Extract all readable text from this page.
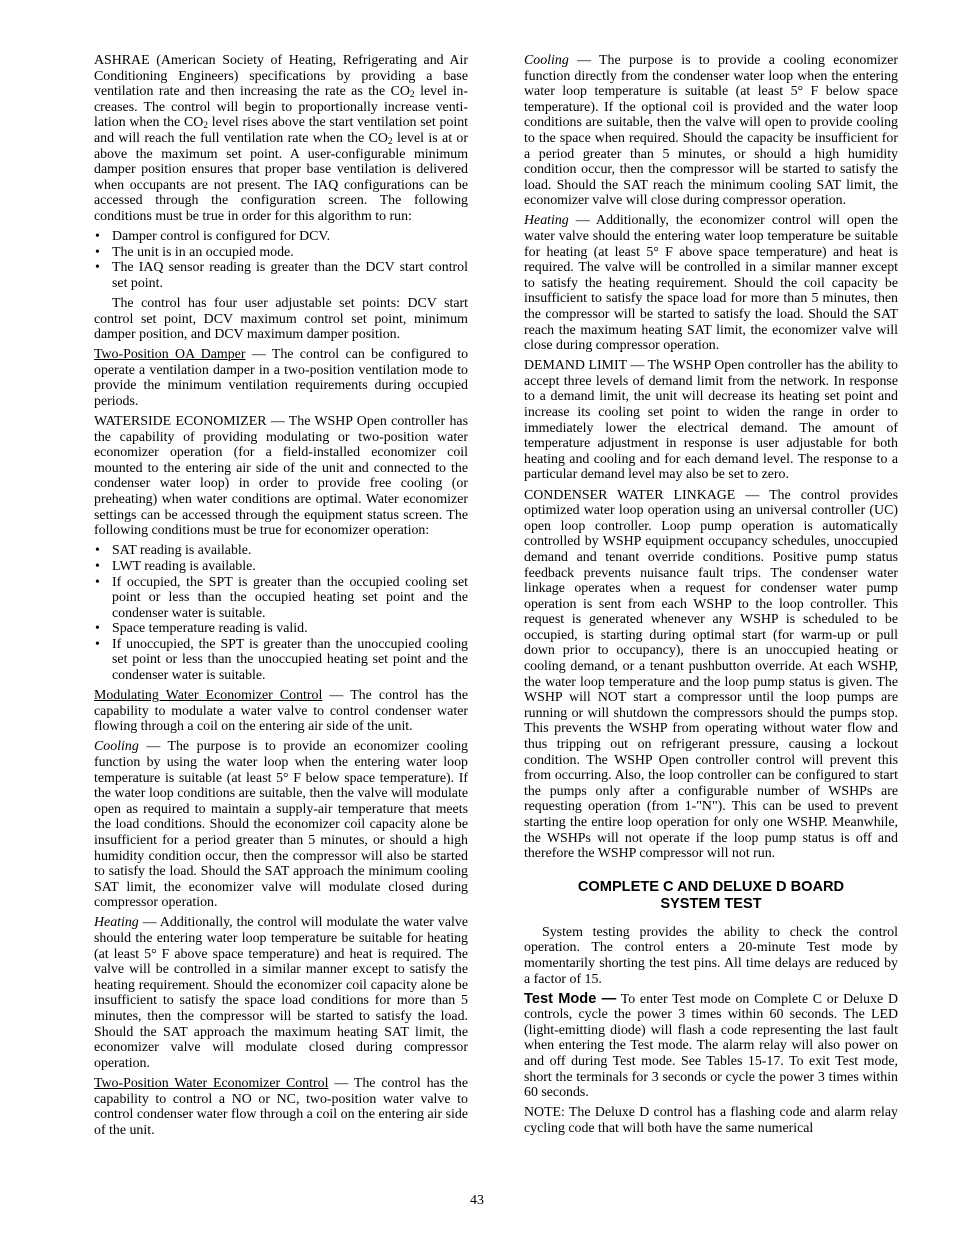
ASHRAE (American Society of Heating, Refrigerating and Air Conditioning Engineers) specifications by providing a base ventilation rate and then increasing the rate as the $CO_2$ level increases. The control will begin to proportionally increase ventilation when the $CO_2$ level rises above the start ventilation set point and will reach the full ventilation rate when the $CO_2$ level is at or above the maximum set point. A user-configurable minimum damper position ensures that proper base ventilation is delivered when occupants are not present. The IAQ configurations can be accessed through the configuration screen. The following conditions must be true in order for this algorithm to run:

• Damper control is configured for DCV.
• The unit is in an occupied mode.
• The IAQ sensor reading is greater than the DCV start control set point.

The control has four user adjustable set points: DCV start control set point, DCV maximum control set point, minimum damper position, and DCV maximum damper position.

Two-Position OA Damper — The control can be configured to operate a ventilation damper in a two-position ventilation mode to provide the minimum ventilation requirements during occupied periods.

WATERSIDE ECONOMIZER — The WSHP Open controller has the capability of providing modulating or two-position water economizer operation (for a field-installed economizer coil mounted to the entering air side of the unit and connected to the condenser water loop) in order to provide free cooling (or preheating) when water conditions are optimal. Water economizer settings can be accessed through the equipment status screen. The following conditions must be true for economizer operation:

• SAT reading is available.
• LWT reading is available.
• If occupied, the SPT is greater than the occupied cooling set point or less than the occupied heating set point and the condenser water is suitable.
• Space temperature reading is valid.
• If unoccupied, the SPT is greater than the unoccupied cooling set point or less than the unoccupied heating set point and the condenser water is suitable.

Modulating Water Economizer Control — The control has the capability to modulate a water valve to control condenser water flowing through a coil on the entering air side of the unit.

Cooling — The purpose is to provide an economizer cooling function by using the water loop when the entering water loop temperature is suitable (at least 5° F below space temperature). If the water loop conditions are suitable, then the valve will modulate open as required to maintain a supply-air temperature that meets the load conditions. Should the economizer coil capacity alone be insufficient for a period greater than 5 minutes, or should a high humidity condition occur, then the compressor will also be started to satisfy the load. Should the SAT approach the minimum cooling SAT limit, the economizer valve will modulate closed during compressor operation.

Heating — Additionally, the control will modulate the water valve should the entering water loop temperature be suitable for heating (at least 5° F above space temperature) and heat is required. The valve will be controlled in a similar manner except to satisfy the heating requirement. Should the economizer coil capacity alone be insufficient to satisfy the space load conditions for more than 5 minutes, then the compressor will be started to satisfy the load. Should the SAT approach the maximum heating SAT limit, the economizer valve will modulate closed during compressor operation.

Two-Position Water Economizer Control — The control has the capability to control a NO or NC, two-position water valve to control condenser water flow through a coil on the entering air side of the unit.

Cooling — The purpose is to provide a cooling economizer function directly from the condenser water loop when the entering water loop temperature is suitable (at least 5° F below space temperature). If the optional coil is provided and the water loop conditions are suitable, then the valve will open to provide cooling to the space when required. Should the capacity be insufficient for a period greater than 5 minutes, or should a high humidity condition occur, then the compressor will be started to satisfy the load. Should the SAT reach the minimum cooling SAT limit, the economizer valve will close during compressor operation.

Heating — Additionally, the economizer control will open the water valve should the entering water loop temperature be suitable for heating (at least 5° F above space temperature) and heat is required. The valve will be controlled in a similar manner except to satisfy the heating requirement. Should the coil capacity be insufficient to satisfy the space load for more than 5 minutes, then the compressor will be started to satisfy the load. Should the SAT reach the maximum heating SAT limit, the economizer valve will close during compressor operation.

DEMAND LIMIT — The WSHP Open controller has the ability to accept three levels of demand limit from the network. In response to a demand limit, the unit will decrease its heating set point and increase its cooling set point to widen the range in order to immediately lower the electrical demand. The amount of temperature adjustment in response is user adjustable for both heating and cooling and for each demand level. The response to a particular demand level may also be set to zero.

CONDENSER WATER LINKAGE — The control provides optimized water loop operation using an universal controller (UC) open loop controller. Loop pump operation is automatically controlled by WSHP equipment occupancy schedules, unoccupied demand and tenant override conditions. Positive pump status feedback prevents nuisance fault trips. The condenser water linkage operates when a request for condenser water pump operation is sent from each WSHP to the loop controller. This request is generated whenever any WSHP is scheduled to be occupied, is starting during optimal start (for warm-up or pull down prior to occupancy), there is an unoccupied heating or cooling demand, or a tenant pushbutton override. At each WSHP, the water loop temperature and the loop pump status is given. The WSHP will NOT start a compressor until the loop pumps are running or will shutdown the compressors should the pumps stop. This prevents the WSHP from operating without water flow and thus tripping out on refrigerant pressure, causing a lockout condition. The WSHP Open controller control will prevent this from occurring. Also, the loop controller can be configured to start the pumps only after a configurable number of WSHPs are requesting operation (from 1-"N"). This can be used to prevent starting the entire loop operation for only one WSHP. Meanwhile, the WSHPs will not operate if the loop pump status is off and therefore the WSHP compressor will not run.

COMPLETE C AND DELUXE D BOARD
SYSTEM TEST

System testing provides the ability to check the control operation. The control enters a 20-minute Test mode by momentarily shorting the test pins. All time delays are reduced by a factor of 15.

Test Mode — To enter Test mode on Complete C or Deluxe D controls, cycle the power 3 times within 60 seconds. The LED (light-emitting diode) will flash a code representing the last fault when entering the Test mode. The alarm relay will also power on and off during Test mode. See Tables 15-17. To exit Test mode, short the terminals for 3 seconds or cycle the power 3 times within 60 seconds.

NOTE: The Deluxe D control has a flashing code and alarm relay cycling code that will both have the same numerical

43
